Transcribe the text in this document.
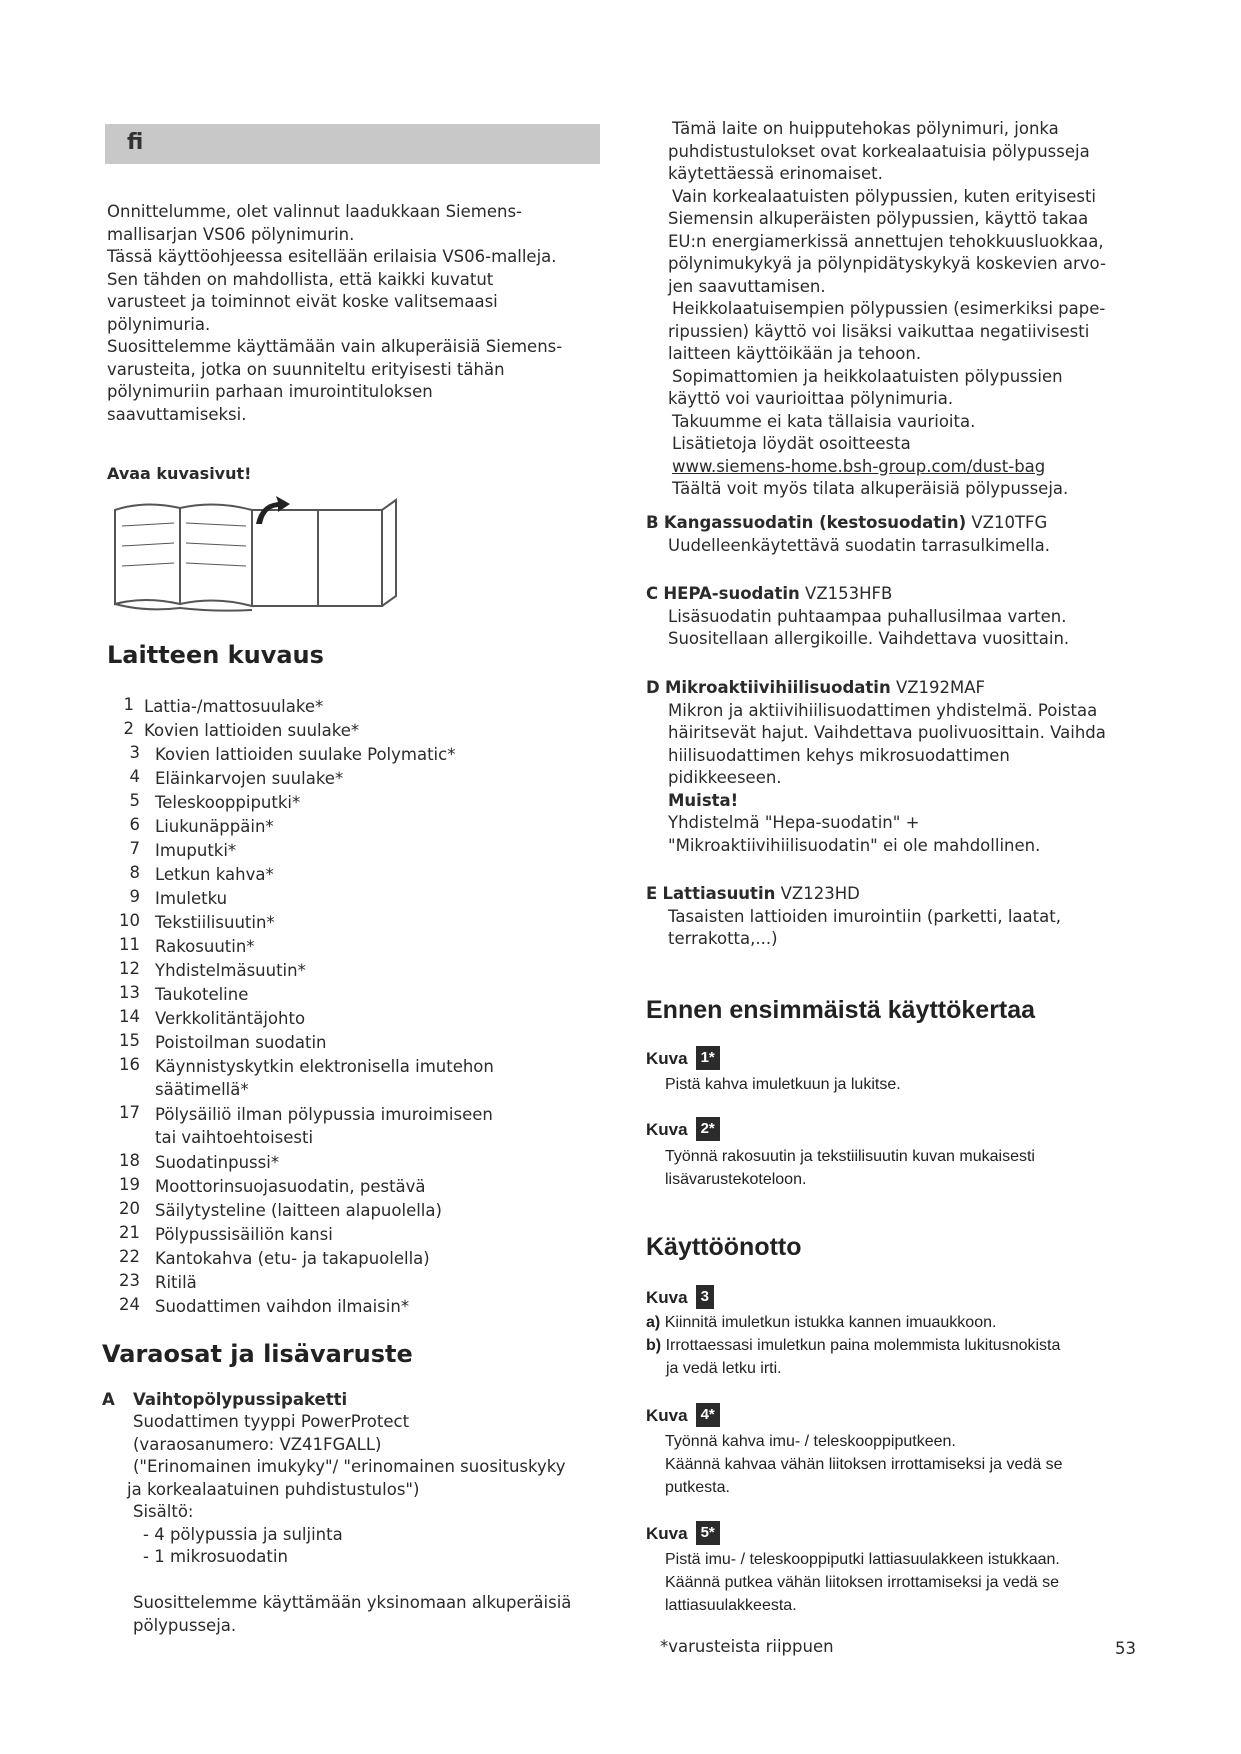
fi
Onnittelumme, olet valinnut laadukkaan Siemens-
mallisarjan VS06 pölynimurin.
Tässä käyttöohjeessa esitellään erilaisia VS06-malleja.
Sen tähden on mahdollista, että kaikki kuvatut
varusteet ja toiminnot eivät koske valitsemaasi
pölynimuria.
Suosittelemme käyttämään vain alkuperäisiä Siemens-
varusteita, jotka on suunniteltu erityisesti tähän
pölynimuriin parhaan imurointituloksen
saavuttamiseksi.
Avaa kuvasivut!
Laitteen kuvaus
1 Lattia-/mattosuulake*
2 Kovien lattioiden suulake*
3 Kovien lattioiden suulake Polymatic*
4 Eläinkarvojen suulake*
5 Teleskooppiputki*
6 Liukunäppäin*
7 Imuputki*
8 Letkun kahva*
9 Imuletku
10 Tekstiilisuutin*
11 Rakosuutin*
12 Yhdistelmäsuutin*
13 Taukoteline
14 Verkkolitäntäjohto
15 Poistoilman suodatin
16 Käynnistyskytkin elektronisella imutehon
säätimellä*
17 Pölysäiliö ilman pölypussia imuroimiseen
tai vaihtoehtoisesti
18 Suodatinpussi*
19 Moottorinsuojasuodatin, pestävä
20 Säilytysteline (laitteen alapuolella)
21 Pölypussisäiliön kansi
22 Kantokahva (etu- ja takapuolella)
23 Ritilä
24 Suodattimen vaihdon ilmaisin*
Varaosat ja lisävaruste
A Vaihtopölypussipaketti
Suodattimen tyyppi PowerProtect
(varaosanumero: VZ41FGALL)
("Erinomainen imukyky"/ "erinomainen suosituskyky
ja korkealaatuinen puhdistustulos")
Sisältö:
- 4 pölypussia ja suljinta
- 1 mikrosuodatin
Suosittelemme käyttämään yksinomaan alkuperäisiä
pölypusseja.
Tämä laite on huipputehokas pölynimuri, jonka
puhdistustulokset ovat korkealaatuisia pölypusseja
käytettäessä erinomaiset.
Vain korkealaatuisten pölypussien, kuten erityisesti
Siemensin alkuperäisten pölypussien, käyttö takaa
EU:n energiamerkissä annettujen tehokkuusluokkaa,
pölynimukykyä ja pölynpidätyskykyä koskevien arvo-
jen saavuttamisen.
Heikkolaatuisempien pölypussien (esimerkiksi pape-
ripussien) käyttö voi lisäksi vaikuttaa negatiivisesti
laitteen käyttöikään ja tehoon.
Sopimattomien ja heikkolaatuisten pölypussien
käyttö voi vaurioittaa pölynimuria.
Takuumme ei kata tällaisia vaurioita.
Lisätietoja löydät osoitteesta
www.siemens-home.bsh-group.com/dust-bag
Täältä voit myös tilata alkuperäisiä pölypusseja.
B Kangassuodatin (kestosuodatin) VZ10TFG
Uudelleenkäytettävä suodatin tarrasulkimella.
C HEPA-suodatin VZ153HFB
Lisäsuodatin puhtaampaa puhallusilmaa varten.
Suositellaan allergikoille. Vaihdettava vuosittain.
D Mikroaktiivihiilisuodatin VZ192MAF
Mikron ja aktiivihiilisuodattimen yhdistelmä. Poistaa
häiritsevät hajut. Vaihdettava puolivuosittain. Vaihda
hiilisuodattimen kehys mikrosuodattimen
pidikkeeseen.
Muista!
Yhdistelmä "Hepa-suodatin" +
"Mikroaktiivihiilisuodatin" ei ole mahdollinen.
E Lattiasuutin VZ123HD
Tasaisten lattioiden imurointiin (parketti, laatat,
terrakotta,...)
Ennen ensimmäistä käyttökertaa
Kuva 1*
Pistä kahva imuletkuun ja lukitse.
Kuva 2*
Työnnä rakosuutin ja tekstiilisuutin kuvan mukaisesti
lisävarustekoteloon.
Käyttöönotto
Kuva 3
a) Kiinnitä imuletkun istukka kannen imuaukkoon.
b) Irrottaessasi imuletkun paina molemmista lukitusnokista
ja vedä letku irti.
Kuva 4*
Työnnä kahva imu- / teleskooppiputkeen.
Käännä kahvaa vähän liitoksen irrottamiseksi ja vedä se
putkesta.
Kuva 5*
Pistä imu- / teleskooppiputki lattiasuulakkeen istukkaan.
Käännä putkea vähän liitoksen irrottamiseksi ja vedä se
lattiasuulakkeesta.
*varusteista riippuen	53
